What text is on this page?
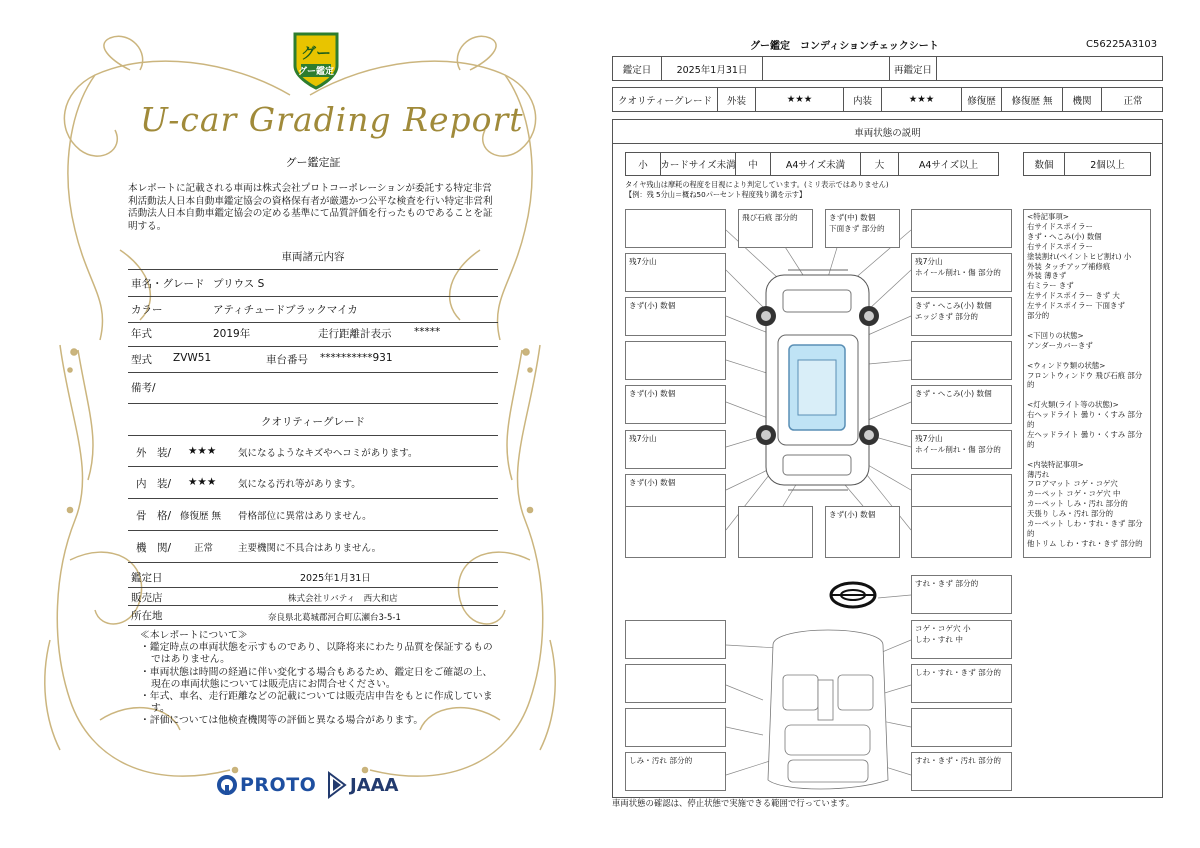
グー
グー鑑定
U-car Grading Report
グー鑑定証
本レポートに記載される車両は株式会社プロトコーポレーションが委託する特定非営利活動法人日本自動車鑑定協会の資格保有者が厳選かつ公平な検査を行い特定非営利活動法人日本自動車鑑定協会の定める基準にて品質評価を行ったものであることを証明する。
車両諸元内容
車名・グレード プリウス S
カラー	アティチュードブラックマイカ
年式	2019年	走行距離計表示 *****
型式 ZVW51	車台番号 **********931
備考/
クオリティーグレード
外　装/ ★★★ 気になるようなキズやヘコミがあります。
内　装/ ★★★ 気になる汚れ等があります。
骨　格/ 修復歴 無 骨格部位に異常はありません。
機　関/ 正常	主要機関に不具合はありません。
鑑定日	2025年1月31日
販売店	株式会社リバティ　西大和店
所在地	奈良県北葛城郡河合町広瀬台3-5-1
≪本レポートについて≫
・鑑定時点の車両状態を示すものであり、以降将来にわたり品質を保証するものではありません。
・車両状態は時間の経過に伴い変化する場合もあるため、鑑定日をご確認の上、現在の車両状態については販売店にお問合せください。
・年式、車名、走行距離などの記載については販売店申告をもとに作成しています。
・評価については他検査機関等の評価と異なる場合があります。
PROTO JAAA
グー鑑定　コンディションチェックシート	C56225A3103
鑑定日	2025年1月31日	再鑑定日
クオリティーグレード	外装	★★★	内装	★★★	修復歴	修復歴 無	機関	正常
車両状態の説明
小	カードサイズ未満	中	A4サイズ未満	大	A4サイズ以上	数個	2個以上
タイヤ残山は摩耗の程度を目視により判定しています。(ミリ表示ではありません)
【例：残 5分山＝概ね50パーセント程度残り溝を示す】
飛び石痕 部分的	きず(中) 数個
下面きず 部分的
残7分山	残7分山
ホイール削れ・傷 部分的
きず(小) 数個	きず・へこみ(小) 数個
エッジきず 部分的
きず(小) 数個	きず・へこみ(小) 数個
残7分山	残7分山
ホイール削れ・傷 部分的
きず(小) 数個
きず(小) 数個
すれ・きず 部分的
コゲ・コゲ穴 小
しわ・すれ 中
しわ・すれ・きず 部分的
しみ・汚れ 部分的	すれ・きず・汚れ 部分的
<特記事項>
右サイドスポイラー
きず・へこみ(小) 数個
右サイドスポイラー
塗装割れ(ペイントヒビ割れ) 小
外装 タッチアップ補修痕
外装 薄きず
右ミラー きず
左サイドスポイラー きず 大
左サイドスポイラー 下面きず
部分的

<下回りの状態>
アンダーカバーきず

<ウィンドウ類の状態>
フロントウィンドウ 飛び石痕 部分的

<灯火類(ライト等の状態)>
右ヘッドライト 曇り・くすみ 部分的
左ヘッドライト 曇り・くすみ 部分的

<内装特記事項>
薄汚れ
フロアマット コゲ・コゲ穴
カーペット コゲ・コゲ穴 中
カーペット しみ・汚れ 部分的
天張り しみ・汚れ 部分的
カーペット しわ・すれ・きず 部分的
他トリム しわ・すれ・きず 部分的
車両状態の確認は、停止状態で実施できる範囲で行っています。
